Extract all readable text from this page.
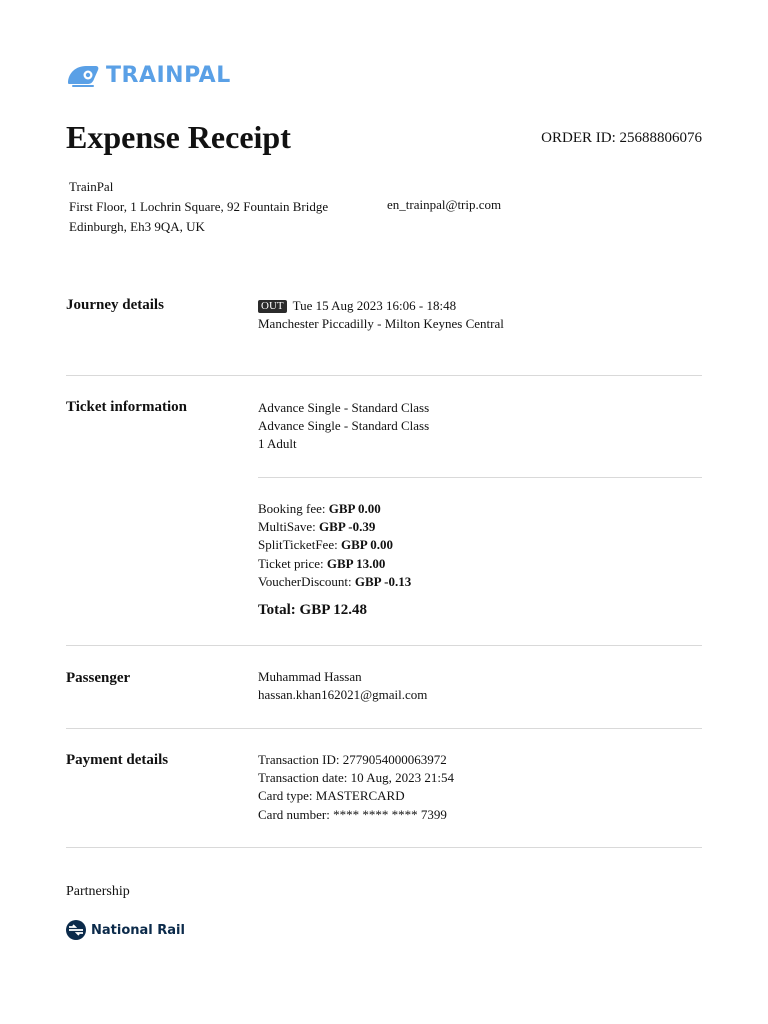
TRAINPAL
Expense Receipt	ORDER ID: 25688806076
TrainPal
First Floor, 1 Lochrin Square, 92 Fountain Bridge
Edinburgh, Eh3 9QA, UK
en_trainpal@trip.com
Journey details	OUT Tue 15 Aug 2023 16:06 - 18:48
Manchester Piccadilly - Milton Keynes Central
Ticket information	Advance Single - Standard Class
Advance Single - Standard Class
1 Adult
Booking fee: GBP 0.00
MultiSave: GBP -0.39
SplitTicketFee: GBP 0.00
Ticket price: GBP 13.00
VoucherDiscount: GBP -0.13
Total: GBP 12.48
Passenger	Muhammad Hassan
hassan.khan162021@gmail.com
Payment details	Transaction ID: 2779054000063972
Transaction date: 10 Aug, 2023 21:54
Card type: MASTERCARD
Card number: **** **** **** 7399
Partnership
National Rail
